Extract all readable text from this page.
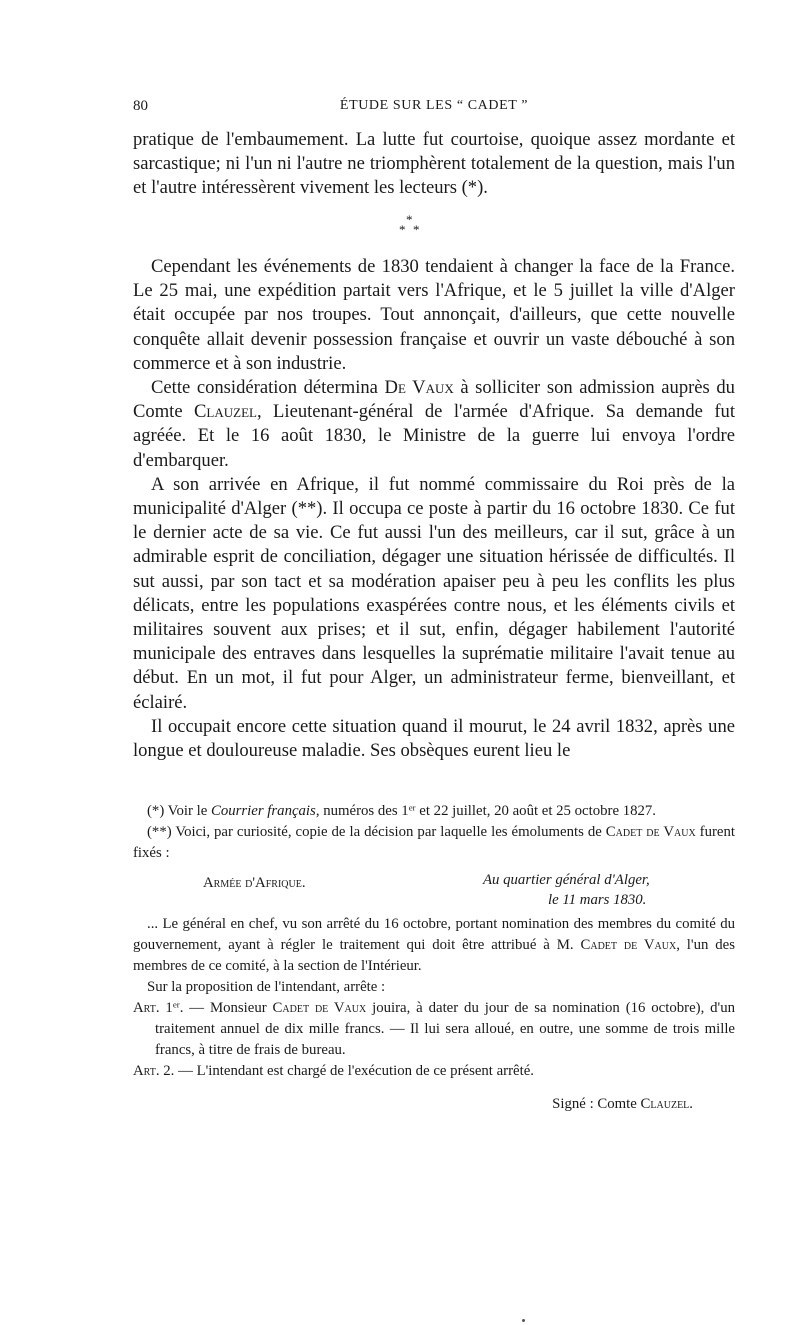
80	ÉTUDE SUR LES “ CADET ”

pratique de l'embaumement. La lutte fut courtoise, quoique assez mordante et sarcastique; ni l'un ni l'autre ne triomphèrent totalement de la question, mais l'un et l'autre intéressèrent vivement les lecteurs (*).

*
* *

Cependant les événements de 1830 tendaient à changer la face de la France. Le 25 mai, une expédition partait vers l'Afrique, et le 5 juillet la ville d'Alger était occupée par nos troupes. Tout annonçait, d'ailleurs, que cette nouvelle conquête allait devenir possession française et ouvrir un vaste débouché à son commerce et à son industrie.

Cette considération détermina De Vaux à solliciter son admission auprès du Comte Clauzel, Lieutenant-général de l'armée d'Afrique. Sa demande fut agréée. Et le 16 août 1830, le Ministre de la guerre lui envoya l'ordre d'embarquer.

A son arrivée en Afrique, il fut nommé commissaire du Roi près de la municipalité d'Alger (**). Il occupa ce poste à partir du 16 octobre 1830. Ce fut le dernier acte de sa vie. Ce fut aussi l'un des meilleurs, car il sut, grâce à un admirable esprit de conciliation, dégager une situation hérissée de difficultés. Il sut aussi, par son tact et sa modération apaiser peu à peu les conflits les plus délicats, entre les populations exaspérées contre nous, et les éléments civils et militaires souvent aux prises; et il sut, enfin, dégager habilement l'autorité municipale des entraves dans lesquelles la suprématie militaire l'avait tenue au début. En un mot, il fut pour Alger, un administrateur ferme, bienveillant, et éclairé.

Il occupait encore cette situation quand il mourut, le 24 avril 1832, après une longue et douloureuse maladie. Ses obsèques eurent lieu le

(*) Voir le Courrier français, numéros des 1er et 22 juillet, 20 août et 25 octobre 1827.

(**) Voici, par curiosité, copie de la décision par laquelle les émoluments de Cadet de Vaux furent fixés :

Armée d'Afrique.	Au quartier général d'Alger,
le 11 mars 1830.

... Le général en chef, vu son arrêté du 16 octobre, portant nomination des membres du comité du gouvernement, ayant à régler le traitement qui doit être attribué à M. Cadet de Vaux, l'un des membres de ce comité, à la section de l'Intérieur.

Sur la proposition de l'intendant, arrête :

Art. 1er. — Monsieur Cadet de Vaux jouira, à dater du jour de sa nomination (16 octobre), d'un traitement annuel de dix mille francs. — Il lui sera alloué, en outre, une somme de trois mille francs, à titre de frais de bureau.

Art. 2. — L'intendant est chargé de l'exécution de ce présent arrêté.

Signé : Comte Clauzel.
